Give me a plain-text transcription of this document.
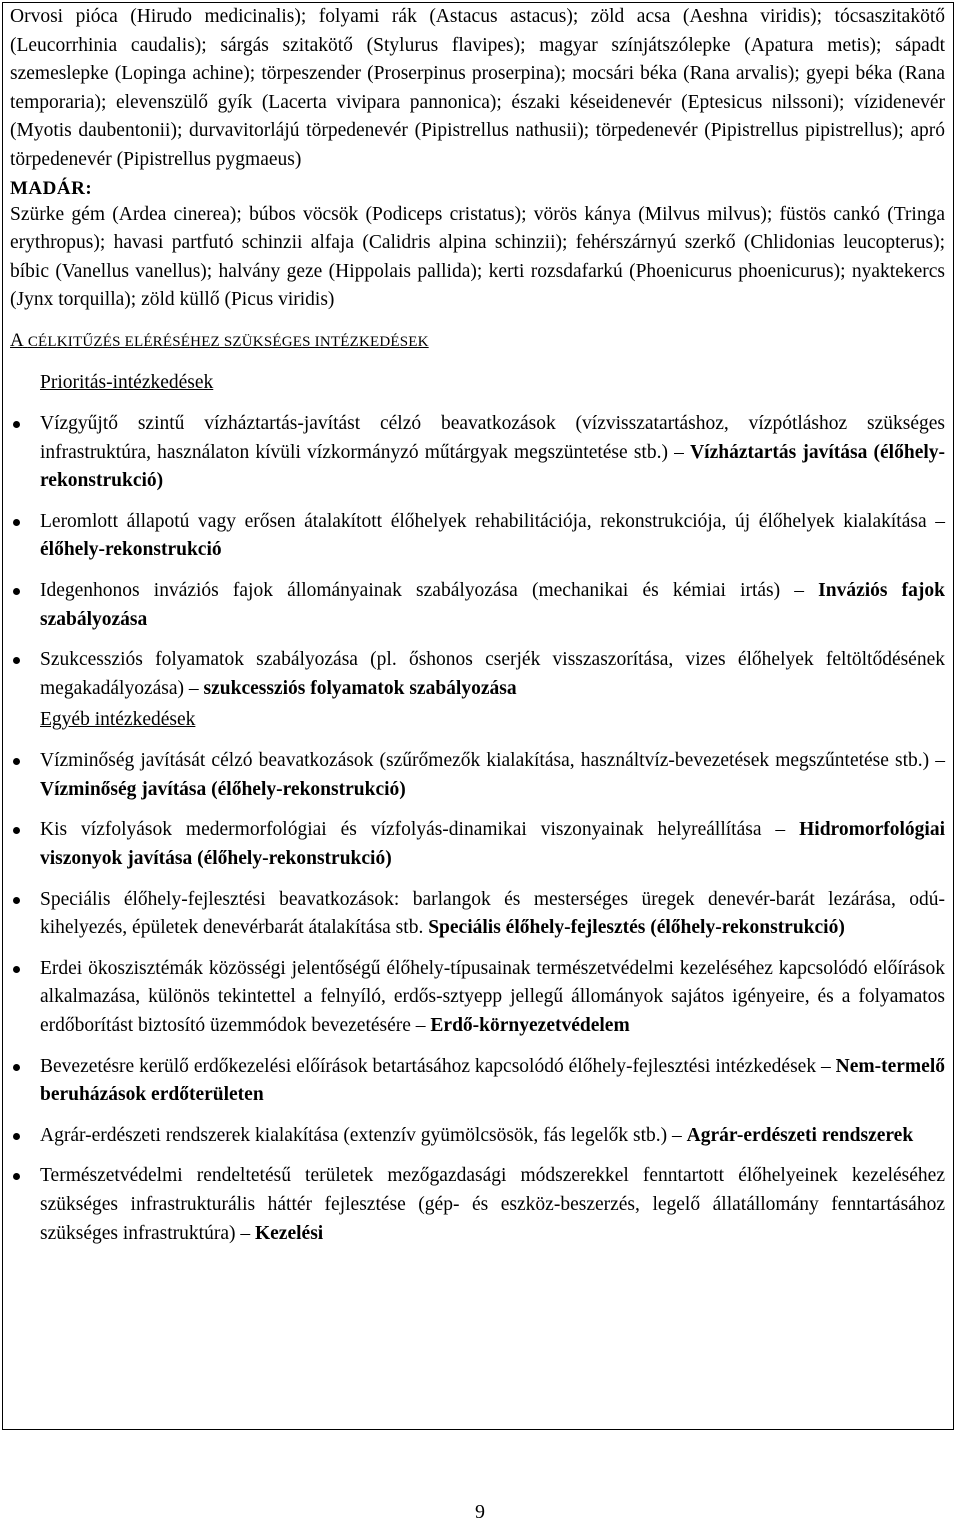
Orvosi pióca (Hirudo medicinalis); folyami rák (Astacus astacus); zöld acsa (Aeshna viridis); tócsaszitakötő (Leucorrhinia caudalis); sárgás szitakötő (Stylurus flavipes); magyar színjátszólepke (Apatura metis); sápadt szemeslepke (Lopinga achine); törpeszender (Proserpinus proserpina); mocsári béka (Rana arvalis); gyepi béka (Rana temporaria); elevenszülő gyík (Lacerta vivipara pannonica); északi késeidenevér (Eptesicus nilssoni); vízidenevér (Myotis daubentonii); durvavitorlájú törpedenevér (Pipistrellus nathusii); törpedenevér (Pipistrellus pipistrellus); apró törpedenevér (Pipistrellus pygmaeus)

MADÁR:

Szürke gém (Ardea cinerea); búbos vöcsök (Podiceps cristatus); vörös kánya (Milvus milvus); füstös cankó (Tringa erythropus); havasi partfutó schinzii alfaja (Calidris alpina schinzii); fehérszárnyú szerkő (Chlidonias leucopterus); bíbic (Vanellus vanellus); halvány geze (Hippolais pallida); kerti rozsdafarkú (Phoenicurus phoenicurus); nyaktekercs (Jynx torquilla); zöld küllő (Picus viridis)

A CÉLKITŰZÉS ELÉRÉSÉHEZ SZÜKSÉGES INTÉZKEDÉSEK

Prioritás-intézkedések

Vízgyűjtő szintű vízháztartás-javítást célzó beavatkozások (vízvisszatartáshoz, vízpótláshoz szükséges infrastruktúra, használaton kívüli vízkormányzó műtárgyak megszüntetése stb.) – Vízháztartás javítása (élőhely-rekonstrukció)
Leromlott állapotú vagy erősen átalakított élőhelyek rehabilitációja, rekonstrukciója, új élőhelyek kialakítása – élőhely-rekonstrukció
Idegenhonos inváziós fajok állományainak szabályozása (mechanikai és kémiai irtás) – Inváziós fajok szabályozása
Szukcessziós folyamatok szabályozása (pl. őshonos cserjék visszaszorítása, vizes élőhelyek feltöltődésének megakadályozása) – szukcessziós folyamatok szabályozása

Egyéb intézkedések

Vízminőség javítását célzó beavatkozások (szűrőmezők kialakítása, használtvíz-bevezetések megszűntetése stb.) – Vízminőség javítása (élőhely-rekonstrukció)
Kis vízfolyások medermorfológiai és vízfolyás-dinamikai viszonyainak helyreállítása – Hidromorfológiai viszonyok javítása (élőhely-rekonstrukció)
Speciális élőhely-fejlesztési beavatkozások: barlangok és mesterséges üregek denevér-barát lezárása, odú-kihelyezés, épületek denevérbarát átalakítása stb. Speciális élőhely-fejlesztés (élőhely-rekonstrukció)
Erdei ökoszisztémák közösségi jelentőségű élőhely-típusainak természetvédelmi kezeléséhez kapcsolódó előírások alkalmazása, különös tekintettel a felnyíló, erdős-sztyepp jellegű állományok sajátos igényeire, és a folyamatos erdőborítást biztosító üzemmódok bevezetésére – Erdő-környezetvédelem
Bevezetésre kerülő erdőkezelési előírások betartásához kapcsolódó élőhely-fejlesztési intézkedések – Nem-termelő beruházások erdőterületen
Agrár-erdészeti rendszerek kialakítása (extenzív gyümölcsösök, fás legelők stb.) – Agrár-erdészeti rendszerek
Természetvédelmi rendeltetésű területek mezőgazdasági módszerekkel fenntartott élőhelyeinek kezeléséhez szükséges infrastrukturális háttér fejlesztése (gép- és eszköz-beszerzés, legelő állatállomány fenntartásához szükséges infrastruktúra) – Kezelési
9
